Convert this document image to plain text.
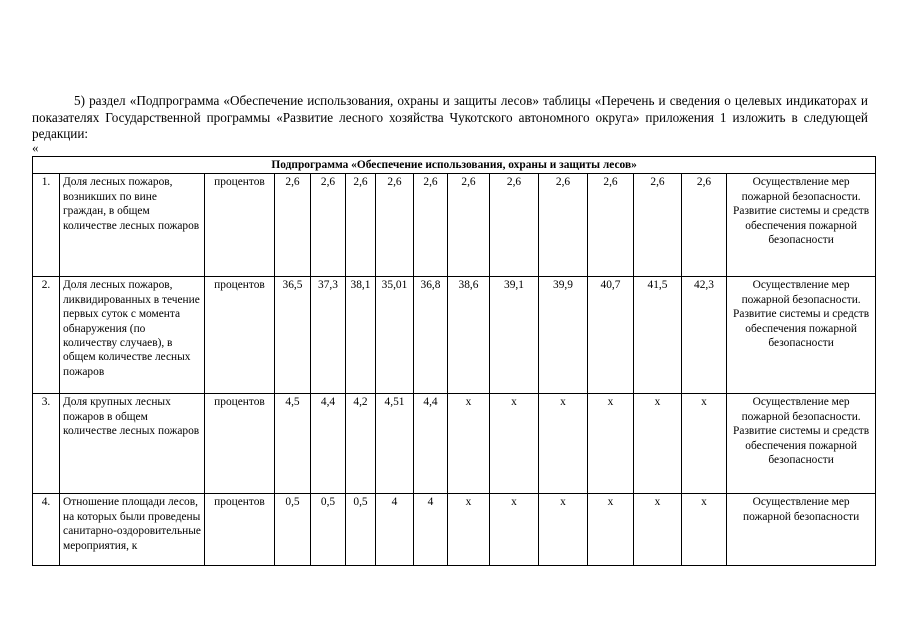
5) раздел «Подпрограмма «Обеспечение использования, охраны и защиты лесов» таблицы «Перечень и сведения о целевых индикаторах и показателях Государственной программы «Развитие лесного хозяйства Чукотского автономного округа» приложения 1 изложить в следующей редакции:
«
Подпрограмма «Обеспечение использования, охраны и защиты лесов»														
1.	Доля лесных пожаров, возникших по вине граждан, в общем количестве лесных пожаров	процентов	2,6	2,6	2,6	2,6	2,6	2,6	2,6	2,6	2,6	2,6	2,6	Осуществление мер пожарной безопасности. Развитие системы и средств обеспечения пожарной безопасности
2.	Доля лесных пожаров, ликвидированных в течение первых суток с момента обнаружения (по количеству случаев), в общем количестве лесных пожаров	процентов	36,5	37,3	38,1	35,01	36,8	38,6	39,1	39,9	40,7	41,5	42,3	Осуществление мер пожарной безопасности. Развитие системы и средств обеспечения пожарной безопасности
3.	Доля крупных лесных пожаров в общем количестве лесных пожаров	процентов	4,5	4,4	4,2	4,51	4,4	х	х	х	х	х	х	Осуществление мер пожарной безопасности. Развитие системы и средств обеспечения пожарной безопасности
4.	Отношение площади лесов, на которых были проведены санитарно-оздоровительные мероприятия, к	процентов	0,5	0,5	0,5	4	4	х	х	х	х	х	х	Осуществление мер пожарной безопасности
